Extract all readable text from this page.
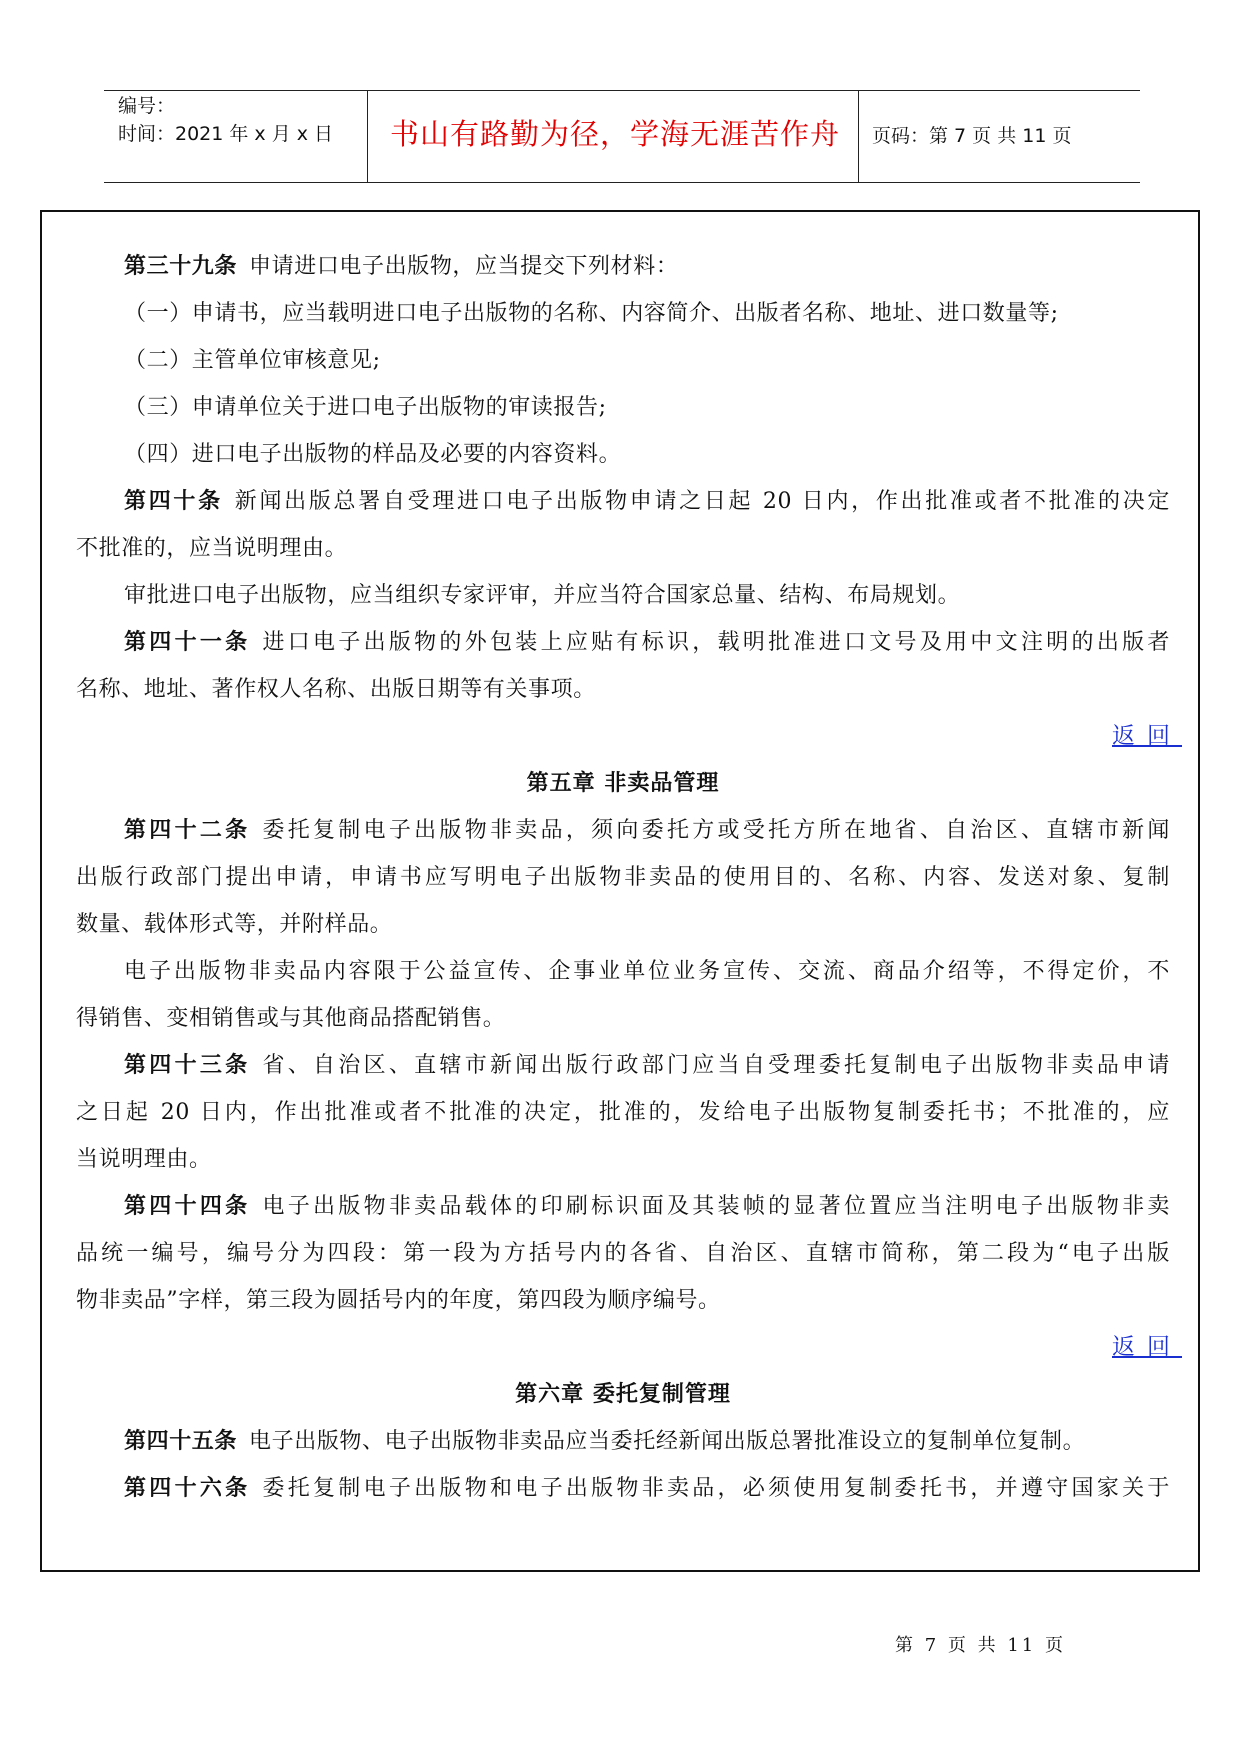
编号：
时间：2021 年 x 月 x 日	书山有路勤为径，学海无涯苦作舟	页码：第 7 页 共 11 页
第三十九条 申请进口电子出版物，应当提交下列材料：
（一）申请书，应当载明进口电子出版物的名称、内容简介、出版者名称、地址、进口数量等;
（二）主管单位审核意见;
（三）申请单位关于进口电子出版物的审读报告;
（四）进口电子出版物的样品及必要的内容资料。
第四十条 新闻出版总署自受理进口电子出版物申请之日起 20 日内，作出批准或者不批准的决定
不批准的，应当说明理由。
审批进口电子出版物，应当组织专家评审，并应当符合国家总量、结构、布局规划。
第四十一条 进口电子出版物的外包装上应贴有标识，载明批准进口文号及用中文注明的出版者
名称、地址、著作权人名称、出版日期等有关事项。
返回
第五章 非卖品管理
第四十二条 委托复制电子出版物非卖品，须向委托方或受托方所在地省、自治区、直辖市新闻
出版行政部门提出申请，申请书应写明电子出版物非卖品的使用目的、名称、内容、发送对象、复制
数量、载体形式等，并附样品。
电子出版物非卖品内容限于公益宣传、企事业单位业务宣传、交流、商品介绍等，不得定价，不
得销售、变相销售或与其他商品搭配销售。
第四十三条 省、自治区、直辖市新闻出版行政部门应当自受理委托复制电子出版物非卖品申请
之日起 20 日内，作出批准或者不批准的决定，批准的，发给电子出版物复制委托书；不批准的，应
当说明理由。
第四十四条 电子出版物非卖品载体的印刷标识面及其装帧的显著位置应当注明电子出版物非卖
品统一编号，编号分为四段：第一段为方括号内的各省、自治区、直辖市简称，第二段为“电子出版
物非卖品”字样，第三段为圆括号内的年度，第四段为顺序编号。
返回
第六章 委托复制管理
第四十五条 电子出版物、电子出版物非卖品应当委托经新闻出版总署批准设立的复制单位复制。
第四十六条 委托复制电子出版物和电子出版物非卖品，必须使用复制委托书，并遵守国家关于
第 7 页 共 11 页
